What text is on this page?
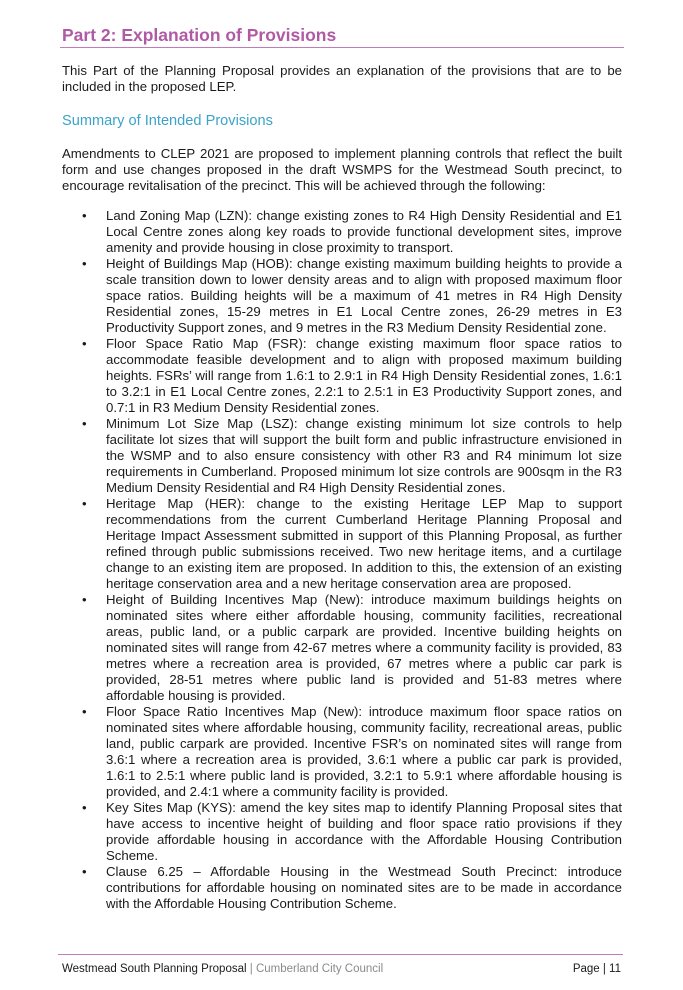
Part 2: Explanation of Provisions
This Part of the Planning Proposal provides an explanation of the provisions that are to be included in the proposed LEP.
Summary of Intended Provisions
Amendments to CLEP 2021 are proposed to implement planning controls that reflect the built form and use changes proposed in the draft WSMPS for the Westmead South precinct, to encourage revitalisation of the precinct. This will be achieved through the following:
•	Land Zoning Map (LZN): change existing zones to R4 High Density Residential and E1 Local Centre zones along key roads to provide functional development sites, improve amenity and provide housing in close proximity to transport.
•	Height of Buildings Map (HOB): change existing maximum building heights to provide a scale transition down to lower density areas and to align with proposed maximum floor space ratios. Building heights will be a maximum of 41 metres in R4 High Density Residential zones, 15-29 metres in E1 Local Centre zones, 26-29 metres in E3 Productivity Support zones, and 9 metres in the R3 Medium Density Residential zone.
•	Floor Space Ratio Map (FSR): change existing maximum floor space ratios to accommodate feasible development and to align with proposed maximum building heights. FSRs’ will range from 1.6:1 to 2.9:1 in R4 High Density Residential zones, 1.6:1 to 3.2:1 in E1 Local Centre zones, 2.2:1 to 2.5:1 in E3 Productivity Support zones, and 0.7:1 in R3 Medium Density Residential zones.
•	Minimum Lot Size Map (LSZ): change existing minimum lot size controls to help facilitate lot sizes that will support the built form and public infrastructure envisioned in the WSMP and to also ensure consistency with other R3 and R4 minimum lot size requirements in Cumberland. Proposed minimum lot size controls are 900sqm in the R3 Medium Density Residential and R4 High Density Residential zones.
•	Heritage Map (HER): change to the existing Heritage LEP Map to support recommendations from the current Cumberland Heritage Planning Proposal and Heritage Impact Assessment submitted in support of this Planning Proposal, as further refined through public submissions received. Two new heritage items, and a curtilage change to an existing item are proposed. In addition to this, the extension of an existing heritage conservation area and a new heritage conservation area are proposed.
•	Height of Building Incentives Map (New): introduce maximum buildings heights on nominated sites where either affordable housing, community facilities, recreational areas, public land, or a public carpark are provided. Incentive building heights on nominated sites will range from 42-67 metres where a community facility is provided, 83 metres where a recreation area is provided, 67 metres where a public car park is provided, 28-51 metres where public land is provided and 51-83 metres where affordable housing is provided.
•	Floor Space Ratio Incentives Map (New): introduce maximum floor space ratios on nominated sites where affordable housing, community facility, recreational areas, public land, public carpark are provided. Incentive FSR’s on nominated sites will range from 3.6:1 where a recreation area is provided, 3.6:1 where a public car park is provided, 1.6:1 to 2.5:1 where public land is provided, 3.2:1 to 5.9:1 where affordable housing is provided, and 2.4:1 where a community facility is provided.
•	Key Sites Map (KYS): amend the key sites map to identify Planning Proposal sites that have access to incentive height of building and floor space ratio provisions if they provide affordable housing in accordance with the Affordable Housing Contribution Scheme.
•	Clause 6.25 – Affordable Housing in the Westmead South Precinct: introduce contributions for affordable housing on nominated sites are to be made in accordance with the Affordable Housing Contribution Scheme.
Westmead South Planning Proposal | Cumberland City Council	Page | 11
